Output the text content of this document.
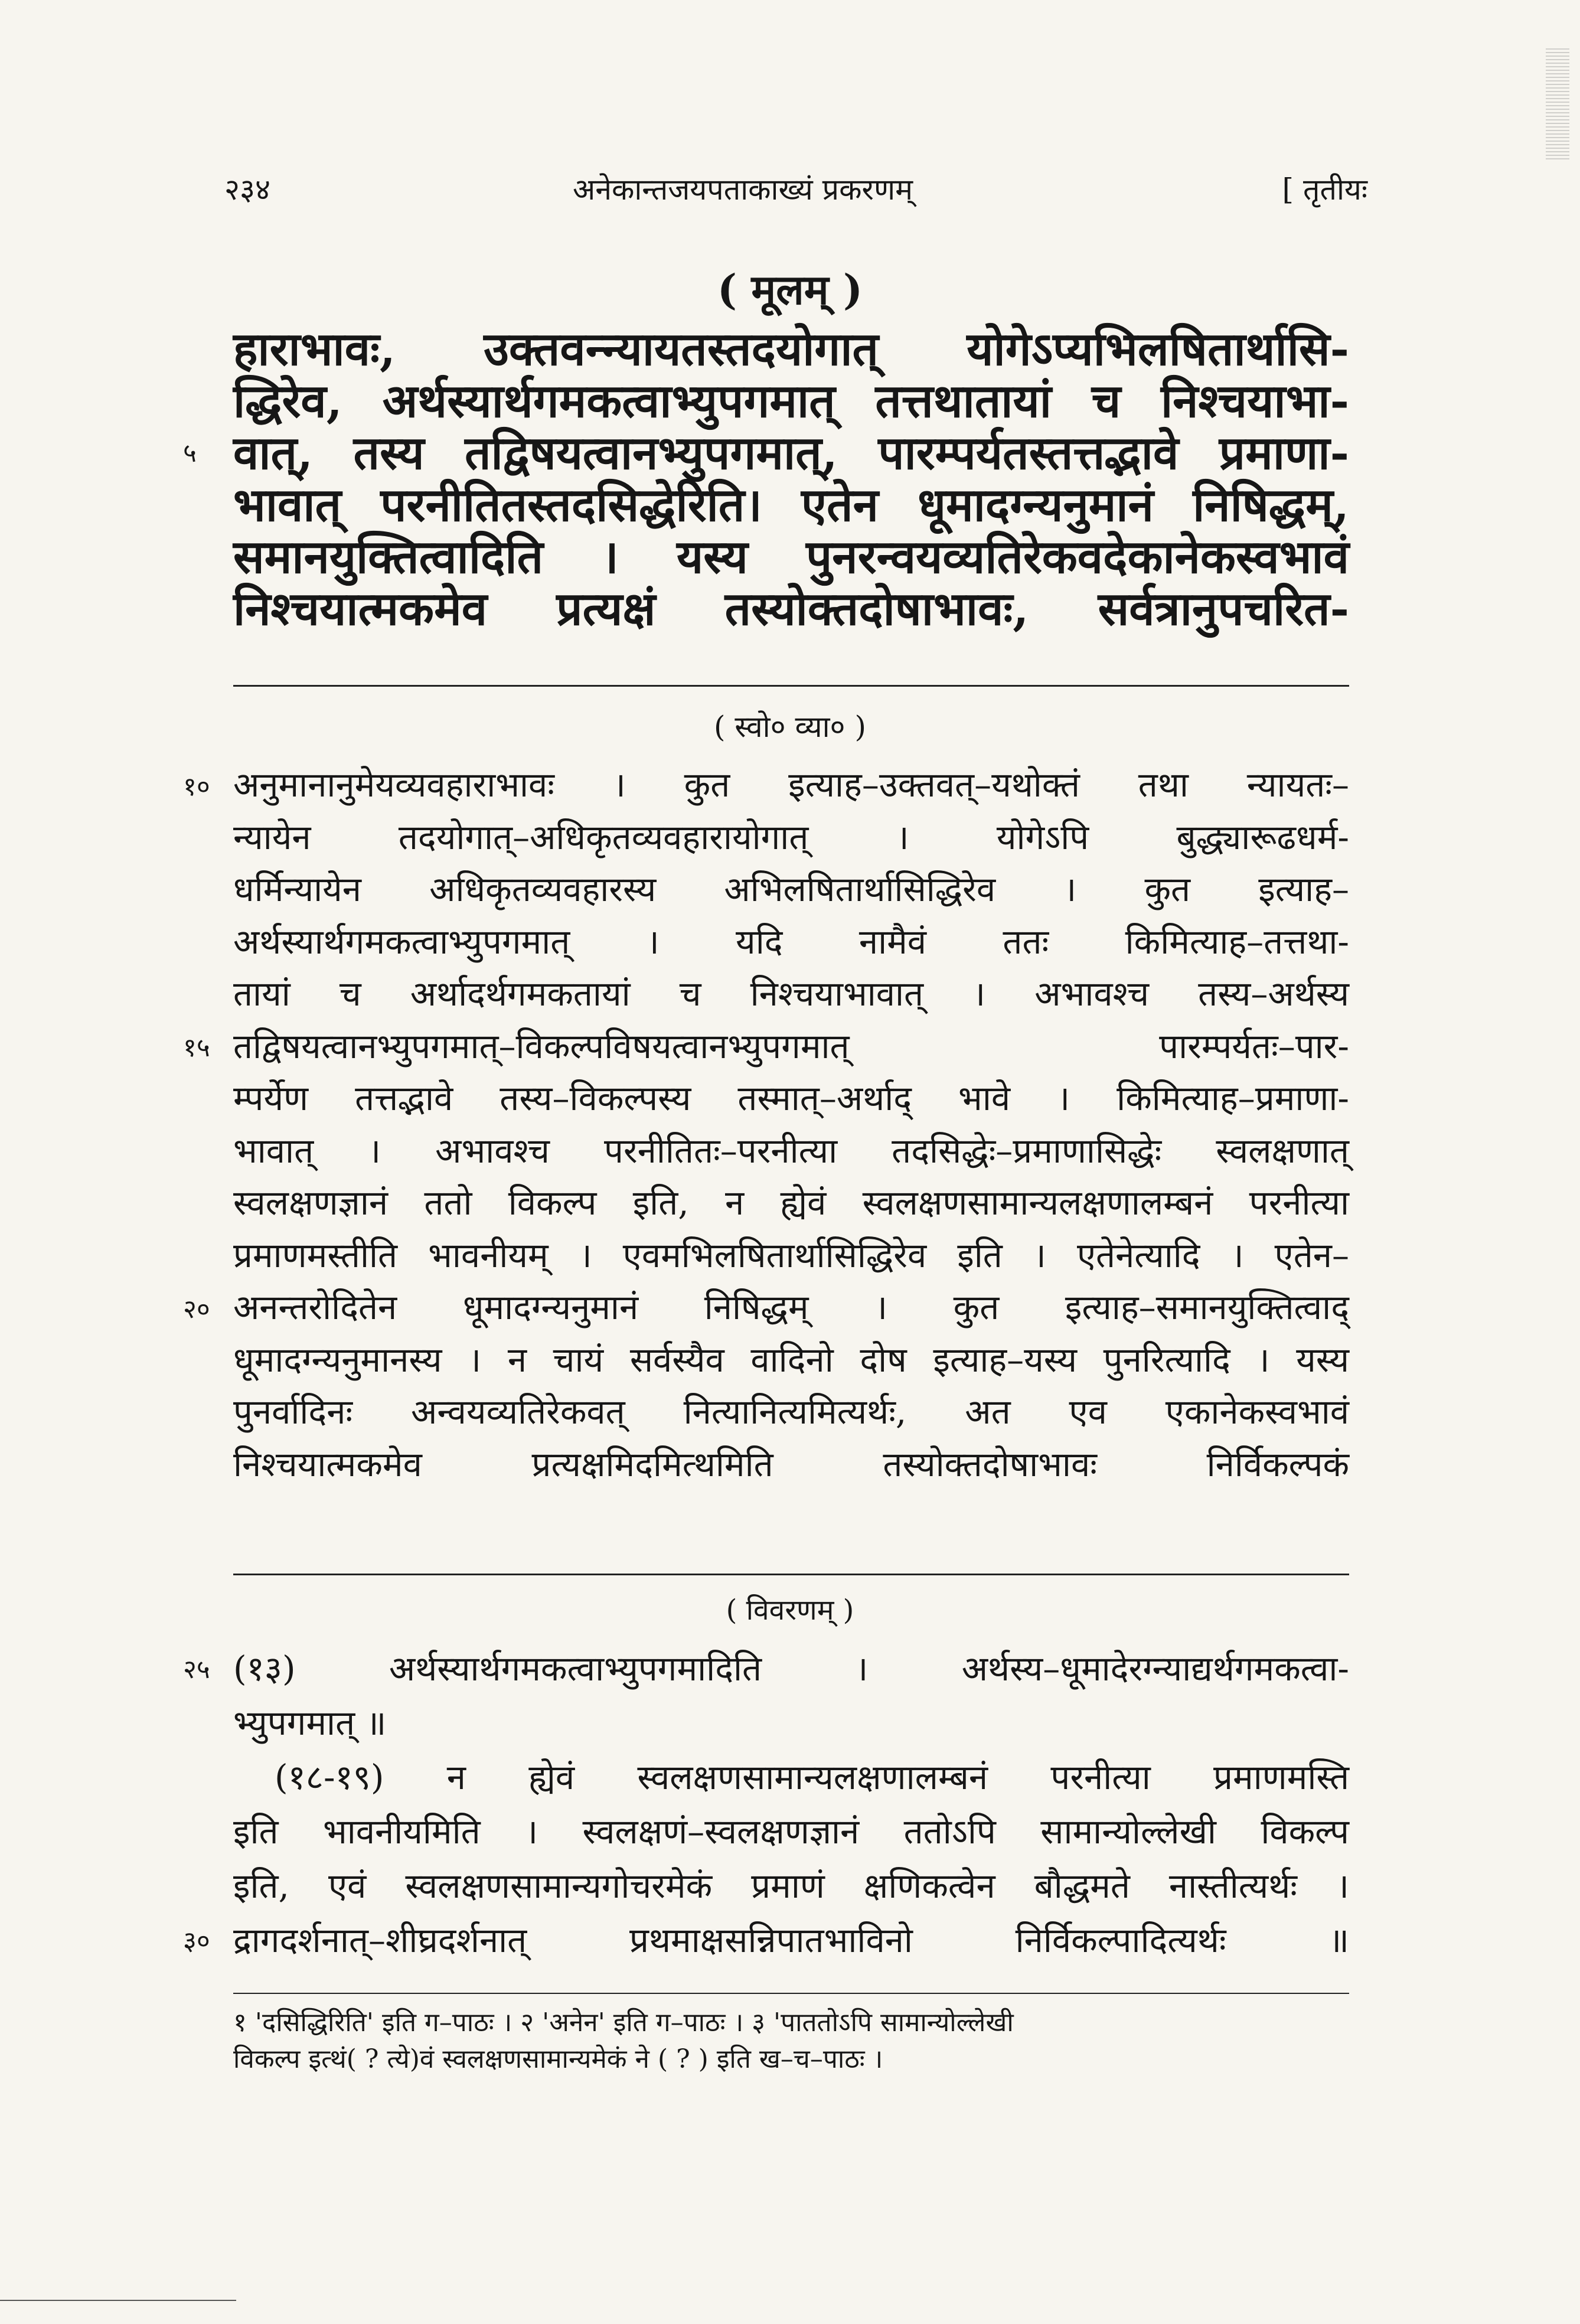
२३४	अनेकान्तजयपताकाख्यं प्रकरणम्	[ तृतीयः
( मूलम् )
हाराभावः, उक्तवन्न्यायतस्तदयोगात् योगेऽप्यभिलषितार्थासि-
द्धिरेव, अर्थस्यार्थगमकत्वाभ्युपगमात् तत्तथातायां च निश्चयाभा-
वात्, तस्य तद्विषयत्वानभ्युपगमात्, पारम्पर्यतस्तत्तद्भावे प्रमाणा-
भावात् परनीतितस्तदसिद्धेरिति। एतेन धूमादग्न्यनुमानं निषिद्धम्,
समानयुक्तित्वादिति । यस्य पुनरन्वयव्यतिरेकवदेकानेकस्वभावं
निश्चयात्मकमेव प्रत्यक्षं तस्योक्तदोषाभावः, सर्वत्रानुपचरित-
५
( स्वो० व्या० )
अनुमानानुमेयव्यवहाराभावः । कुत इत्याह–उक्तवत्–यथोक्तं तथा न्यायतः–
न्यायेन तदयोगात्–अधिकृतव्यवहारायोगात् । योगेऽपि बुद्ध्यारूढधर्म-
धर्मिन्यायेन अधिकृतव्यवहारस्य अभिलषितार्थासिद्धिरेव । कुत इत्याह–
अर्थस्यार्थगमकत्वाभ्युपगमात् । यदि नामैवं ततः किमित्याह–तत्तथा-
तायां च अर्थादर्थगमकतायां च निश्चयाभावात् । अभावश्च तस्य–अर्थस्य
तद्विषयत्वानभ्युपगमात्–विकल्पविषयत्वानभ्युपगमात् पारम्पर्यतः–पार-
म्पर्येण तत्तद्भावे तस्य–विकल्पस्य तस्मात्–अर्थाद् भावे । किमित्याह–प्रमाणा-
भावात् । अभावश्च परनीतितः–परनीत्या तदसिद्धेः–प्रमाणासिद्धेः स्वलक्षणात्
स्वलक्षणज्ञानं ततो विकल्प इति, न ह्येवं स्वलक्षणसामान्यलक्षणालम्बनं परनीत्या
प्रमाणमस्तीति भावनीयम् । एवमभिलषितार्थासिद्धिरेव इति । एतेनेत्यादि । एतेन–
अनन्तरोदितेन धूमादग्न्यनुमानं निषिद्धम् । कुत इत्याह–समानयुक्तित्वाद्
धूमादग्न्यनुमानस्य । न चायं सर्वस्यैव वादिनो दोष इत्याह–यस्य पुनरित्यादि । यस्य
पुनर्वादिनः अन्वयव्यतिरेकवत् नित्यानित्यमित्यर्थः, अत एव एकानेकस्वभावं
निश्चयात्मकमेव प्रत्यक्षमिदमित्थमिति तस्योक्तदोषाभावः निर्विकल्पकं
१०
१५
२०
( विवरणम् )
(१३) अर्थस्यार्थगमकत्वाभ्युपगमादिति । अर्थस्य–धूमादेरग्न्याद्यर्थगमकत्वा-
भ्युपगमात् ॥
(१८-१९) न ह्येवं स्वलक्षणसामान्यलक्षणालम्बनं परनीत्या प्रमाणमस्ति
इति भावनीयमिति । स्वलक्षणं–स्वलक्षणज्ञानं ततोऽपि सामान्योल्लेखी विकल्प
इति, एवं स्वलक्षणसामान्यगोचरमेकं प्रमाणं क्षणिकत्वेन बौद्धमते नास्तीत्यर्थः ।
द्रागदर्शनात्–शीघ्रदर्शनात् प्रथमाक्षसन्निपातभाविनो निर्विकल्पादित्यर्थः ॥
२५
३०
१ 'दसिद्धिरिति' इति ग–पाठः । २ 'अनेन' इति ग–पाठः । ३ 'पाततोऽपि सामान्योल्लेखी
विकल्प इत्थं( ? त्ये)वं स्वलक्षणसामान्यमेकं ने ( ? ) इति ख–च–पाठः ।
